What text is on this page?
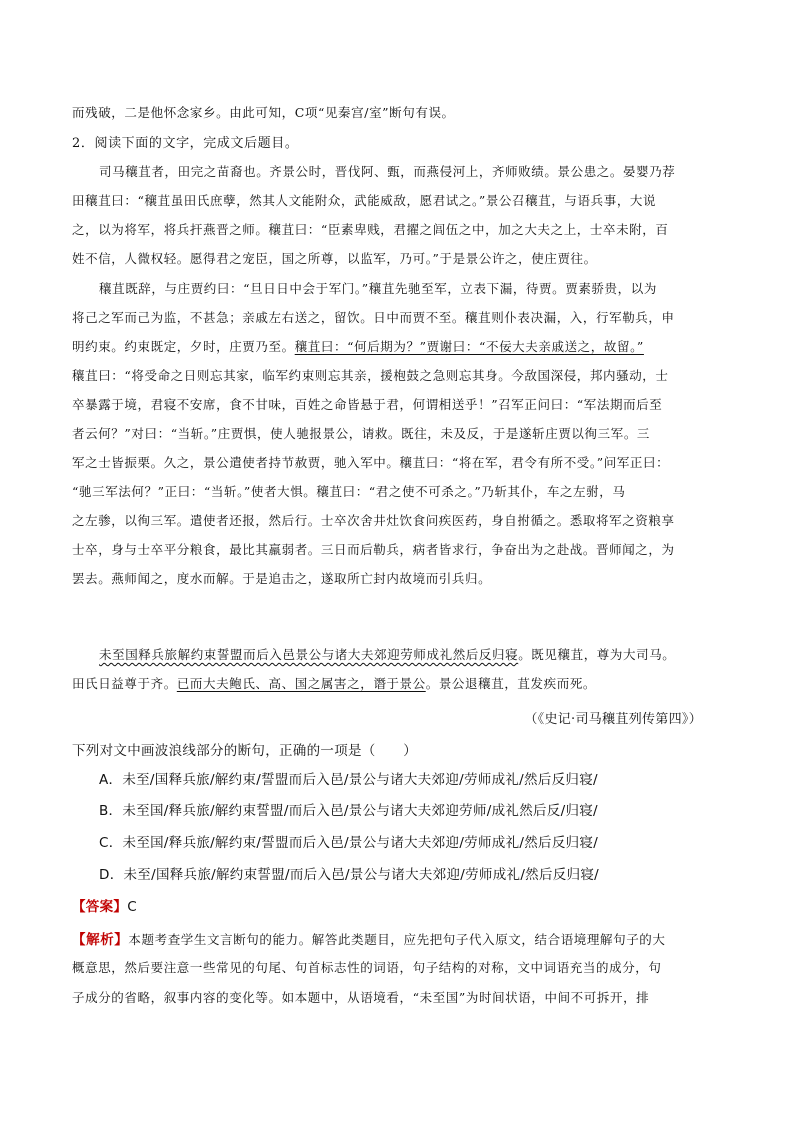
而残破，二是他怀念家乡。由此可知，C项“见秦宫/室”断句有误。
2．阅读下面的文字，完成文后题目。
司马穰苴者，田完之苗裔也。齐景公时，晋伐阿、甄，而燕侵河上，齐师败绩。景公患之。晏婴乃荐
田穰苴曰：“穰苴虽田氏庶孽，然其人文能附众，武能威敌，愿君试之。”景公召穰苴，与语兵事，大说
之，以为将军，将兵扞燕晋之师。穰苴曰：“臣素卑贱，君擢之闾伍之中，加之大夫之上，士卒未附，百
姓不信，人微权轻。愿得君之宠臣，国之所尊，以监军，乃可。”于是景公许之，使庄贾往。
穰苴既辞，与庄贾约曰：“旦日日中会于军门。”穰苴先驰至军，立表下漏，待贾。贾素骄贵，以为
将己之军而己为监，不甚急；亲戚左右送之，留饮。日中而贾不至。穰苴则仆表决漏，入，行军勒兵，申
明约束。约束既定，夕时，庄贾乃至。穰苴曰：“何后期为？”贾谢曰：“不佞大夫亲戚送之，故留。”
穰苴曰：“将受命之日则忘其家，临军约束则忘其亲，援枹鼓之急则忘其身。今敌国深侵，邦内骚动，士
卒暴露于境，君寝不安席，食不甘味，百姓之命皆悬于君，何谓相送乎！”召军正问曰：“军法期而后至
者云何？”对曰：“当斩。”庄贾惧，使人驰报景公，请救。既往，未及反，于是遂斩庄贾以徇三军。三
军之士皆振栗。久之，景公遣使者持节赦贾，驰入军中。穰苴曰：“将在军，君令有所不受。”问军正曰：
“驰三军法何？”正曰：“当斩。”使者大惧。穰苴曰：“君之使不可杀之。”乃斩其仆，车之左驸，马
之左骖，以徇三军。遣使者还报，然后行。士卒次舍井灶饮食问疾医药，身自拊循之。悉取将军之资粮享
士卒，身与士卒平分粮食，最比其羸弱者。三日而后勒兵，病者皆求行，争奋出为之赴战。晋师闻之，为
罢去。燕师闻之，度水而解。于是追击之，遂取所亡封内故境而引兵归。
未至国释兵旅解约束誓盟而后入邑景公与诸大夫郊迎劳师成礼然后反归寝。既见穰苴，尊为大司马。
田氏日益尊于齐。已而大夫鲍氏、高、国之属害之，谮于景公。景公退穰苴，苴发疾而死。
（《史记·司马穰苴列传第四》）
下列对文中画波浪线部分的断句，正确的一项是（　　）
A．未至/国释兵旅/解约束/誓盟而后入邑/景公与诸大夫郊迎/劳师成礼/然后反归寝/
B．未至国/释兵旅/解约束誓盟/而后入邑/景公与诸大夫郊迎劳师/成礼然后反/归寝/
C．未至国/释兵旅/解约束/誓盟而后入邑/景公与诸大夫郊迎/劳师成礼/然后反归寝/
D．未至/国释兵旅/解约束誓盟/而后入邑/景公与诸大夫郊迎/劳师成礼/然后反归寝/
【答案】C
【解析】本题考查学生文言断句的能力。解答此类题目，应先把句子代入原文，结合语境理解句子的大
概意思，然后要注意一些常见的句尾、句首标志性的词语，句子结构的对称，文中词语充当的成分，句
子成分的省略，叙事内容的变化等。如本题中，从语境看，“未至国”为时间状语，中间不可拆开，排
